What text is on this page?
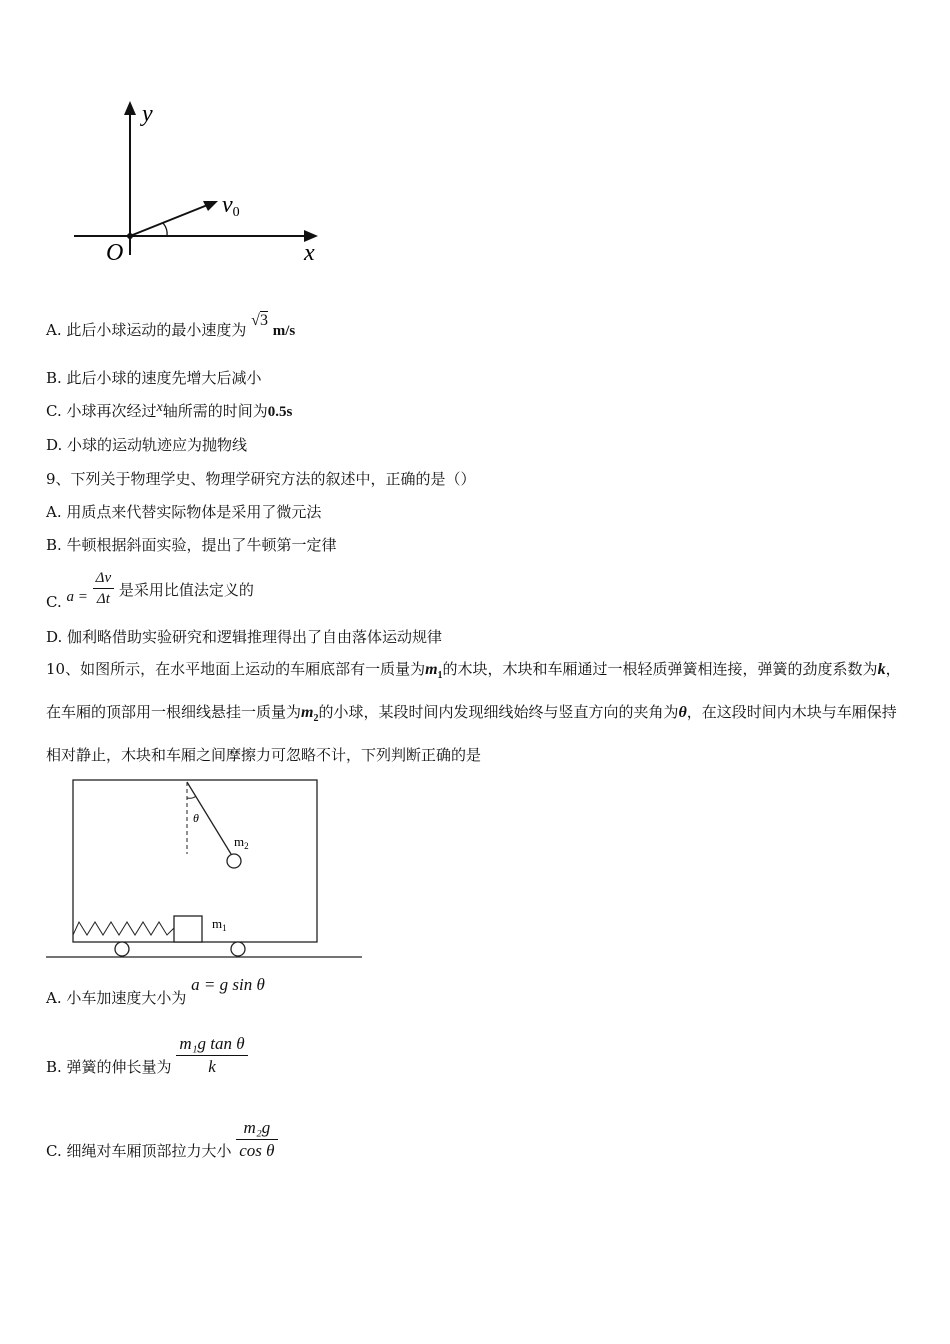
y
x
O
v0
A. 此后小球运动的最小速度为 √3 m/s
B. 此后小球的速度先增大后减小
C. 小球再次经过x轴所需的时间为0.5s
D. 小球的运动轨迹应为抛物线
9、下列关于物理学史、物理学研究方法的叙述中，正确的是（）
A. 用质点来代替实际物体是采用了微元法
B. 牛顿根据斜面实验，提出了牛顿第一定律
C. $a = \frac{\Delta v}{\Delta t}$ 是采用比值法定义的
D. 伽利略借助实验研究和逻辑推理得出了自由落体运动规律
10、如图所示，在水平地面上运动的车厢底部有一质量为$m_1$的木块，木块和车厢通过一根轻质弹簧相连接，弹簧的劲度系数为k，在车厢的顶部用一根细线悬挂一质量为$m_2$的小球，某段时间内发现细线始终与竖直方向的夹角为θ，在这段时间内木块与车厢保持相对静止，木块和车厢之间摩擦力可忽略不计，下列判断正确的是
θ
$m_2$
$m_1$
A. 小车加速度大小为 a = g sin θ
B. 弹簧的伸长量为 $\frac{\text{m₁g tan θ}}{k}$
C. 细绳对车厢顶部拉力大小 $\frac{\text{m₂g}}{\text{cos θ}}$
